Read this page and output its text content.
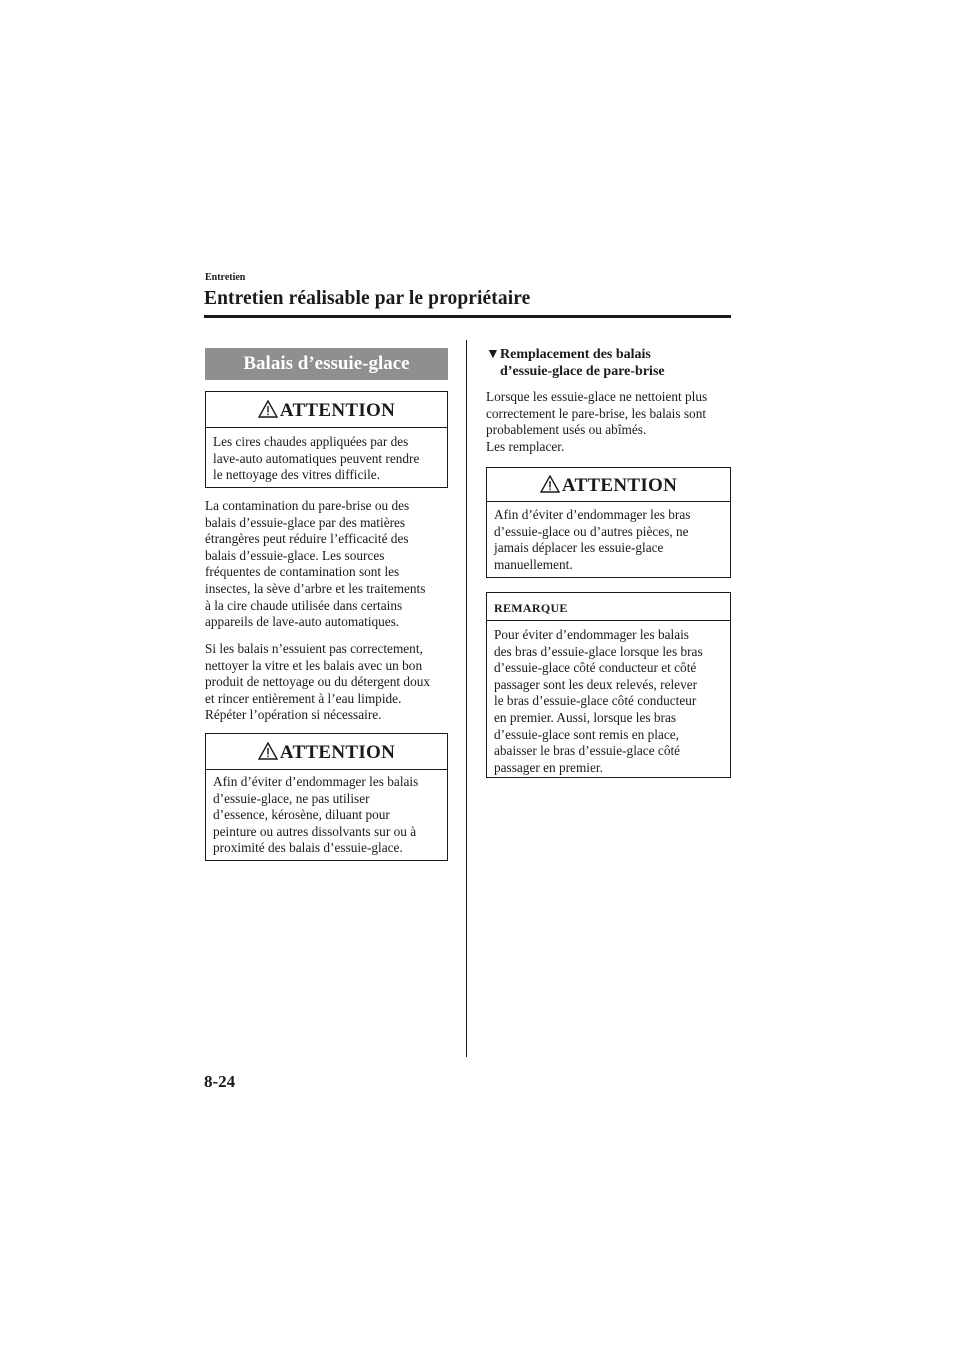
Entretien
Entretien réalisable par le propriétaire
Balais d’essuie-glace
ATTENTION
Les cires chaudes appliquées par des
lave-auto automatiques peuvent rendre
le nettoyage des vitres difficile.
La contamination du pare-brise ou des
balais d’essuie-glace par des matières
étrangères peut réduire l’efficacité des
balais d’essuie-glace. Les sources
fréquentes de contamination sont les
insectes, la sève d’arbre et les traitements
à la cire chaude utilisée dans certains
appareils de lave-auto automatiques.
Si les balais n’essuient pas correctement,
nettoyer la vitre et les balais avec un bon
produit de nettoyage ou du détergent doux
et rincer entièrement à l’eau limpide.
Répéter l’opération si nécessaire.
ATTENTION
Afin d’éviter d’endommager les balais
d’essuie-glace, ne pas utiliser
d’essence, kérosène, diluant pour
peinture ou autres dissolvants sur ou à
proximité des balais d’essuie-glace.
▼Remplacement des balais
d’essuie-glace de pare-brise
Lorsque les essuie-glace ne nettoient plus
correctement le pare-brise, les balais sont
probablement usés ou abîmés.
Les remplacer.
ATTENTION
Afin d’éviter d’endommager les bras
d’essuie-glace ou d’autres pièces, ne
jamais déplacer les essuie-glace
manuellement.
REMARQUE
Pour éviter d’endommager les balais
des bras d’essuie-glace lorsque les bras
d’essuie-glace côté conducteur et côté
passager sont les deux relevés, relever
le bras d’essuie-glace côté conducteur
en premier. Aussi, lorsque les bras
d’essuie-glace sont remis en place,
abaisser le bras d’essuie-glace côté
passager en premier.
8-24
